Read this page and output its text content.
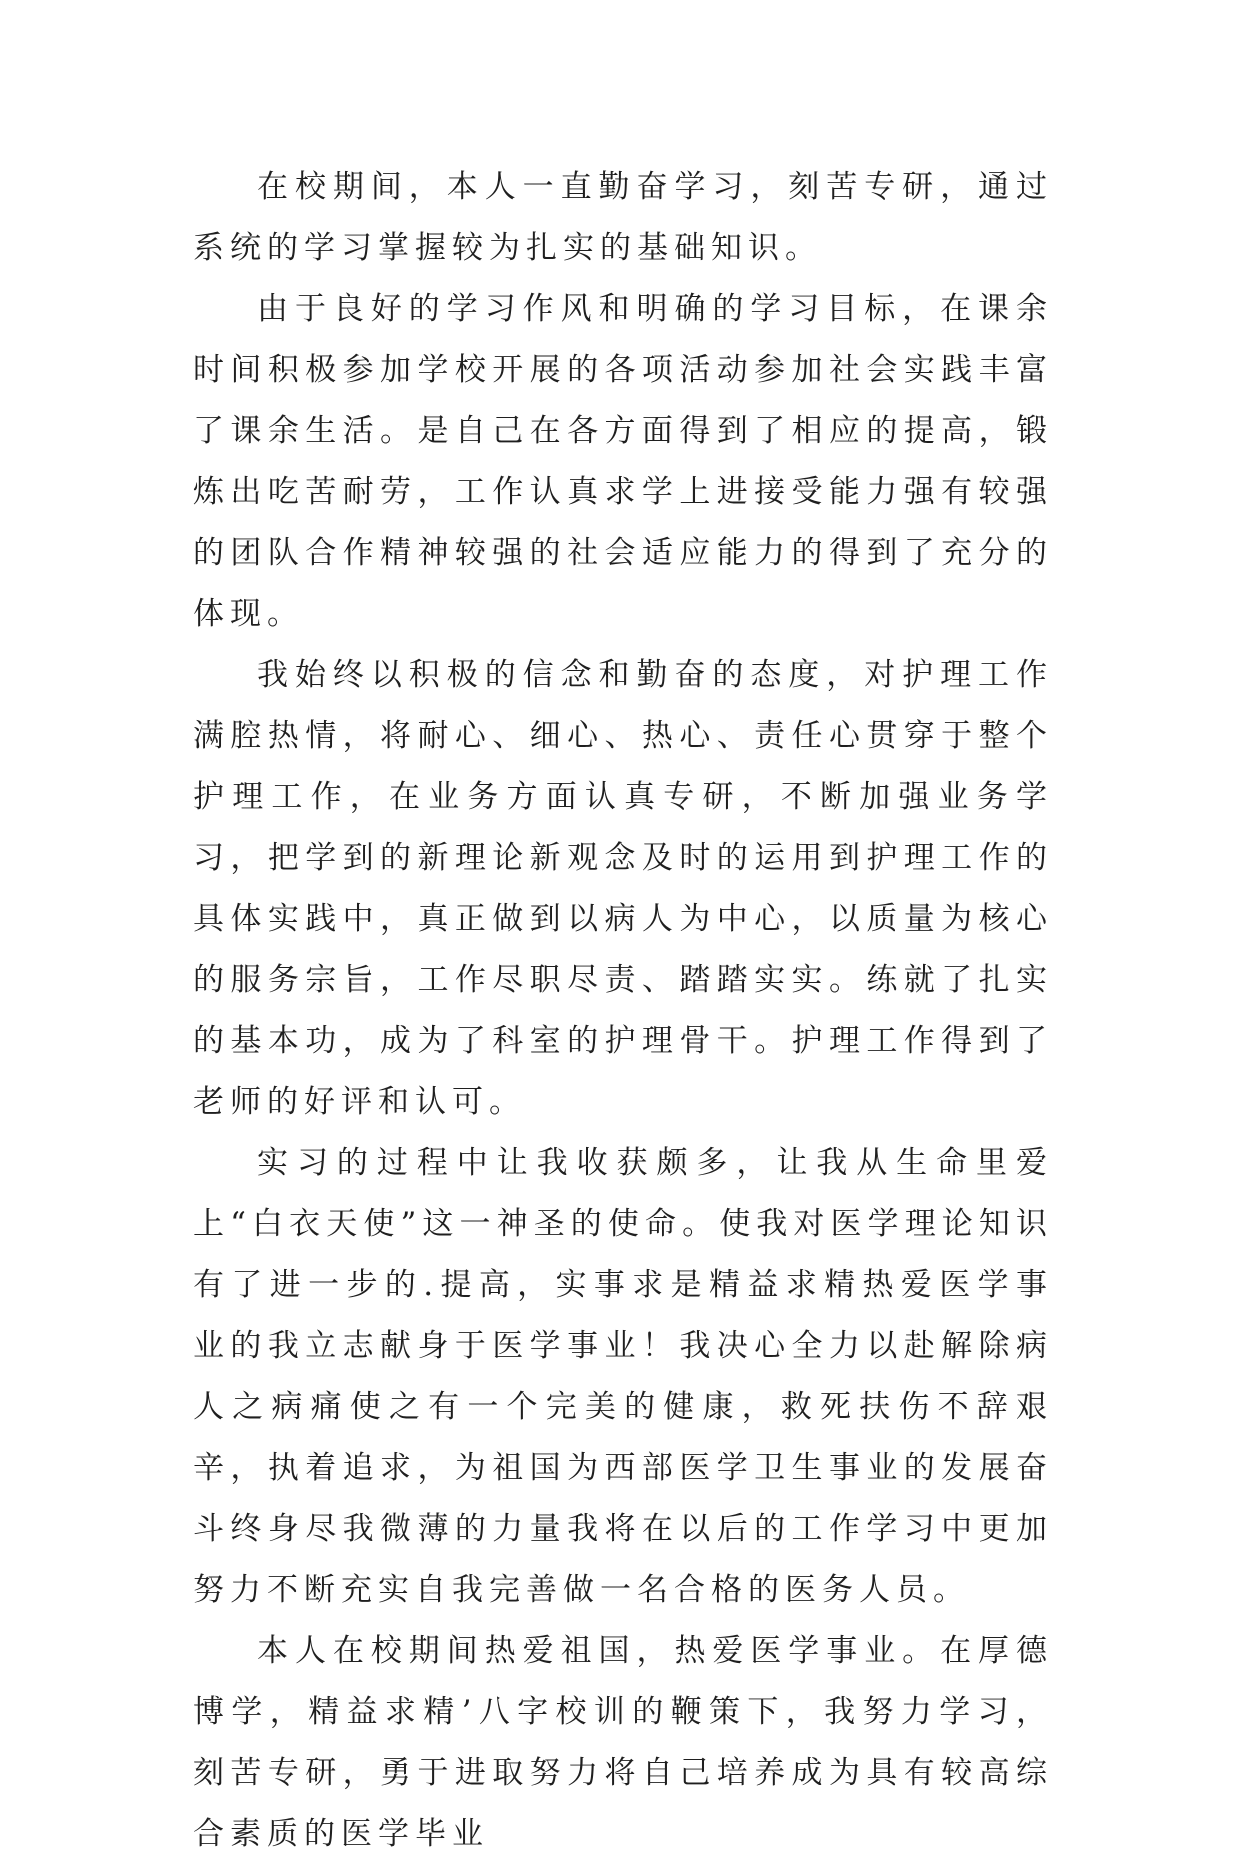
在校期间，本人一直勤奋学习，刻苦专研，通过系统的学习掌握较为扎实的基础知识。

由于良好的学习作风和明确的学习目标，在课余时间积极参加学校开展的各项活动参加社会实践丰富了课余生活。是自己在各方面得到了相应的提高，锻炼出吃苦耐劳，工作认真求学上进接受能力强有较强的团队合作精神较强的社会适应能力的得到了充分的体现。

我始终以积极的信念和勤奋的态度，对护理工作满腔热情，将耐心、细心、热心、责任心贯穿于整个护理工作，在业务方面认真专研，不断加强业务学习，把学到的新理论新观念及时的运用到护理工作的具体实践中，真正做到以病人为中心，以质量为核心的服务宗旨，工作尽职尽责、踏踏实实。练就了扎实的基本功，成为了科室的护理骨干。护理工作得到了老师的好评和认可。

实习的过程中让我收获颇多，让我从生命里爱上“白衣天使”这一神圣的使命。使我对医学理论知识有了进一步的.提高，实事求是精益求精热爱医学事业的我立志献身于医学事业！我决心全力以赴解除病人之病痛使之有一个完美的健康，救死扶伤不辞艰辛，执着追求，为祖国为西部医学卫生事业的发展奋斗终身尽我微薄的力量我将在以后的工作学习中更加努力不断充实自我完善做一名合格的医务人员。

本人在校期间热爱祖国，热爱医学事业。在厚德博学，精益求精’八字校训的鞭策下，我努力学习，刻苦专研，勇于进取努力将自己培养成为具有较高综合素质的医学毕业
